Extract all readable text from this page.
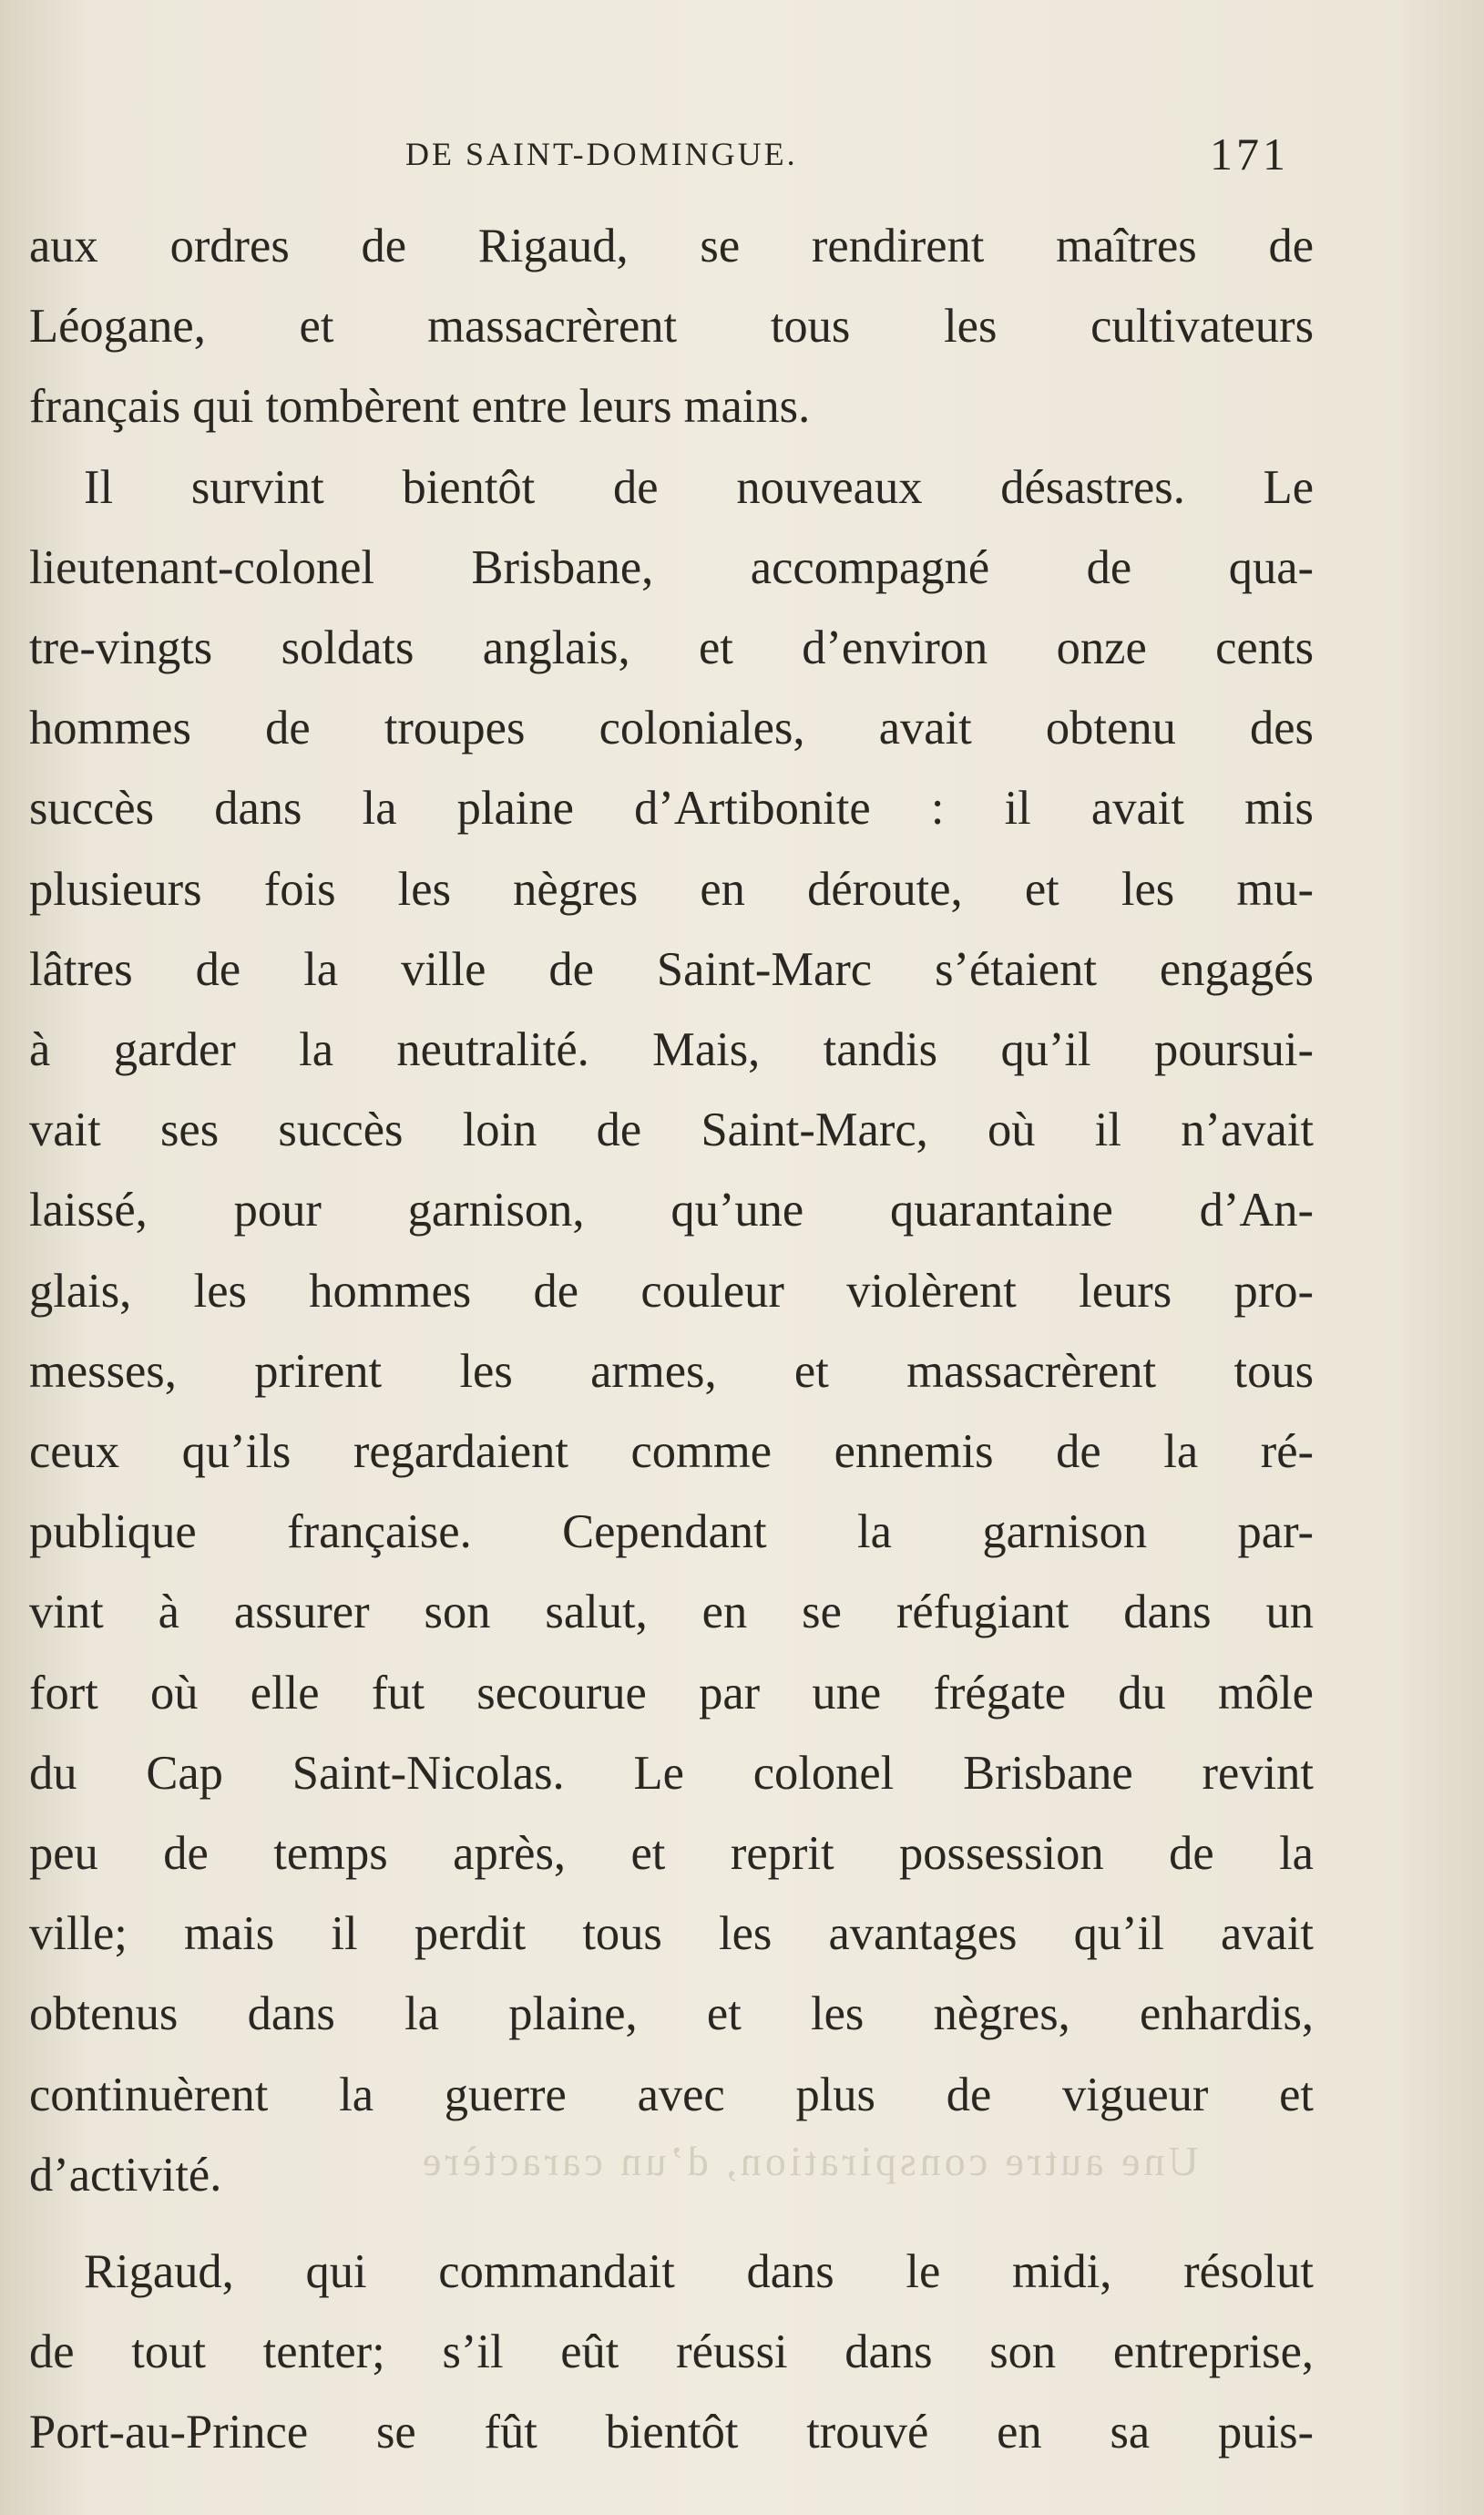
DE SAINT-DOMINGUE.	171
Une autre conspiration, d’un caractère
aux ordres de Rigaud, se rendirent maîtres de
Léogane, et massacrèrent tous les cultivateurs
français qui tombèrent entre leurs mains.
Il survint bientôt de nouveaux désastres. Le
lieutenant-colonel Brisbane, accompagné de qua-
tre-vingts soldats anglais, et d’environ onze cents
hommes de troupes coloniales, avait obtenu des
succès dans la plaine d’Artibonite : il avait mis
plusieurs fois les nègres en déroute, et les mu-
lâtres de la ville de Saint-Marc s’étaient engagés
à garder la neutralité. Mais, tandis qu’il poursui-
vait ses succès loin de Saint-Marc, où il n’avait
laissé, pour garnison, qu’une quarantaine d’An-
glais, les hommes de couleur violèrent leurs pro-
messes, prirent les armes, et massacrèrent tous
ceux qu’ils regardaient comme ennemis de la ré-
publique française. Cependant la garnison par-
vint à assurer son salut, en se réfugiant dans un
fort où elle fut secourue par une frégate du môle
du Cap Saint-Nicolas. Le colonel Brisbane revint
peu de temps après, et reprit possession de la
ville; mais il perdit tous les avantages qu’il avait
obtenus dans la plaine, et les nègres, enhardis,
continuèrent la guerre avec plus de vigueur et
d’activité.
Rigaud, qui commandait dans le midi, résolut
de tout tenter; s’il eût réussi dans son entreprise,
Port-au-Prince se fût bientôt trouvé en sa puis-
